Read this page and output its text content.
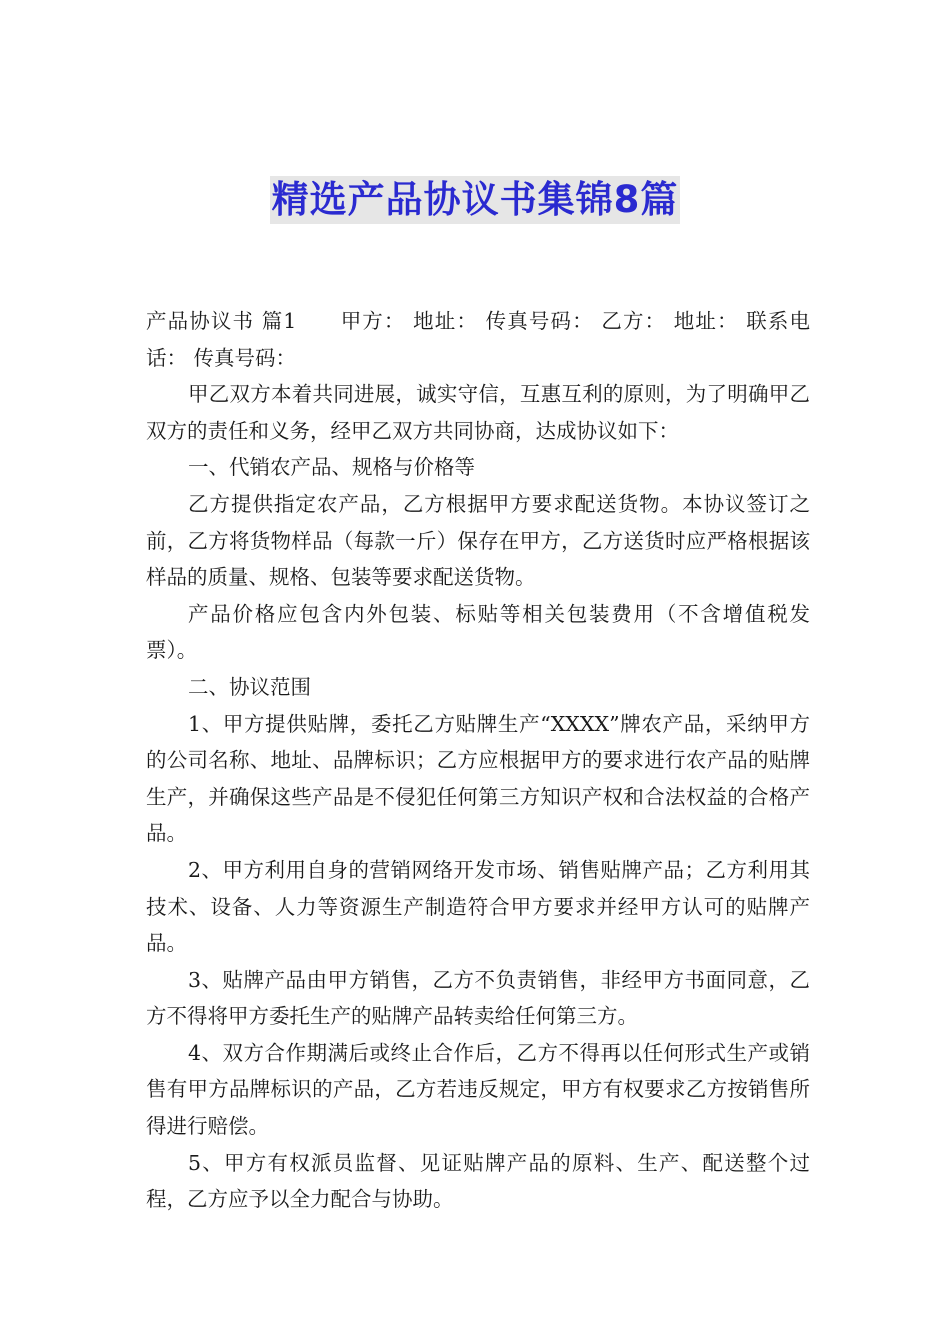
精选产品协议书集锦8篇

产品协议书 篇1　　甲方： 地址： 传真号码： 乙方： 地址： 联系电话： 传真号码：

甲乙双方本着共同进展，诚实守信，互惠互利的原则，为了明确甲乙双方的责任和义务，经甲乙双方共同协商，达成协议如下：

一、代销农产品、规格与价格等

乙方提供指定农产品，乙方根据甲方要求配送货物。本协议签订之前，乙方将货物样品（每款一斤）保存在甲方，乙方送货时应严格根据该样品的质量、规格、包装等要求配送货物。

产品价格应包含内外包装、标贴等相关包装费用（不含增值税发票）。

二、协议范围

1、甲方提供贴牌，委托乙方贴牌生产“XXXX”牌农产品，采纳甲方的公司名称、地址、品牌标识；乙方应根据甲方的要求进行农产品的贴牌生产，并确保这些产品是不侵犯任何第三方知识产权和合法权益的合格产品。

2、甲方利用自身的营销网络开发市场、销售贴牌产品；乙方利用其技术、设备、人力等资源生产制造符合甲方要求并经甲方认可的贴牌产品。

3、贴牌产品由甲方销售，乙方不负责销售，非经甲方书面同意，乙方不得将甲方委托生产的贴牌产品转卖给任何第三方。

4、双方合作期满后或终止合作后，乙方不得再以任何形式生产或销售有甲方品牌标识的产品，乙方若违反规定，甲方有权要求乙方按销售所得进行赔偿。

5、甲方有权派员监督、见证贴牌产品的原料、生产、配送整个过程，乙方应予以全力配合与协助。
